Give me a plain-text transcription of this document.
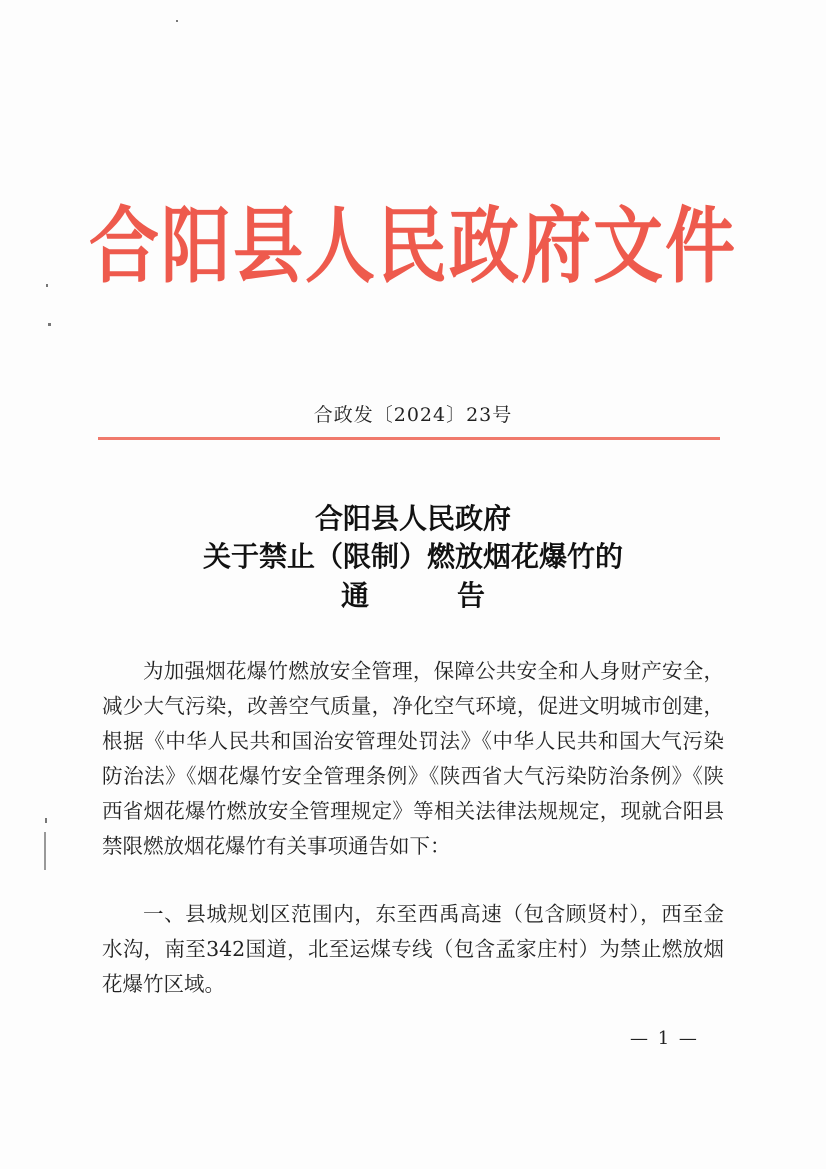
合阳县人民政府文件
合政发〔2024〕23号
合阳县人民政府
关于禁止（限制）燃放烟花爆竹的
通	告
为加强烟花爆竹燃放安全管理，保障公共安全和人身财产安全，减少大气污染，改善空气质量，净化空气环境，促进文明城市创建，根据《中华人民共和国治安管理处罚法》《中华人民共和国大气污染防治法》《烟花爆竹安全管理条例》《陕西省大气污染防治条例》《陕西省烟花爆竹燃放安全管理规定》等相关法律法规规定，现就合阳县禁限燃放烟花爆竹有关事项通告如下：
一、县城规划区范围内，东至西禹高速（包含顾贤村），西至金水沟，南至342国道，北至运煤专线（包含孟家庄村）为禁止燃放烟花爆竹区域。
— 1 —
